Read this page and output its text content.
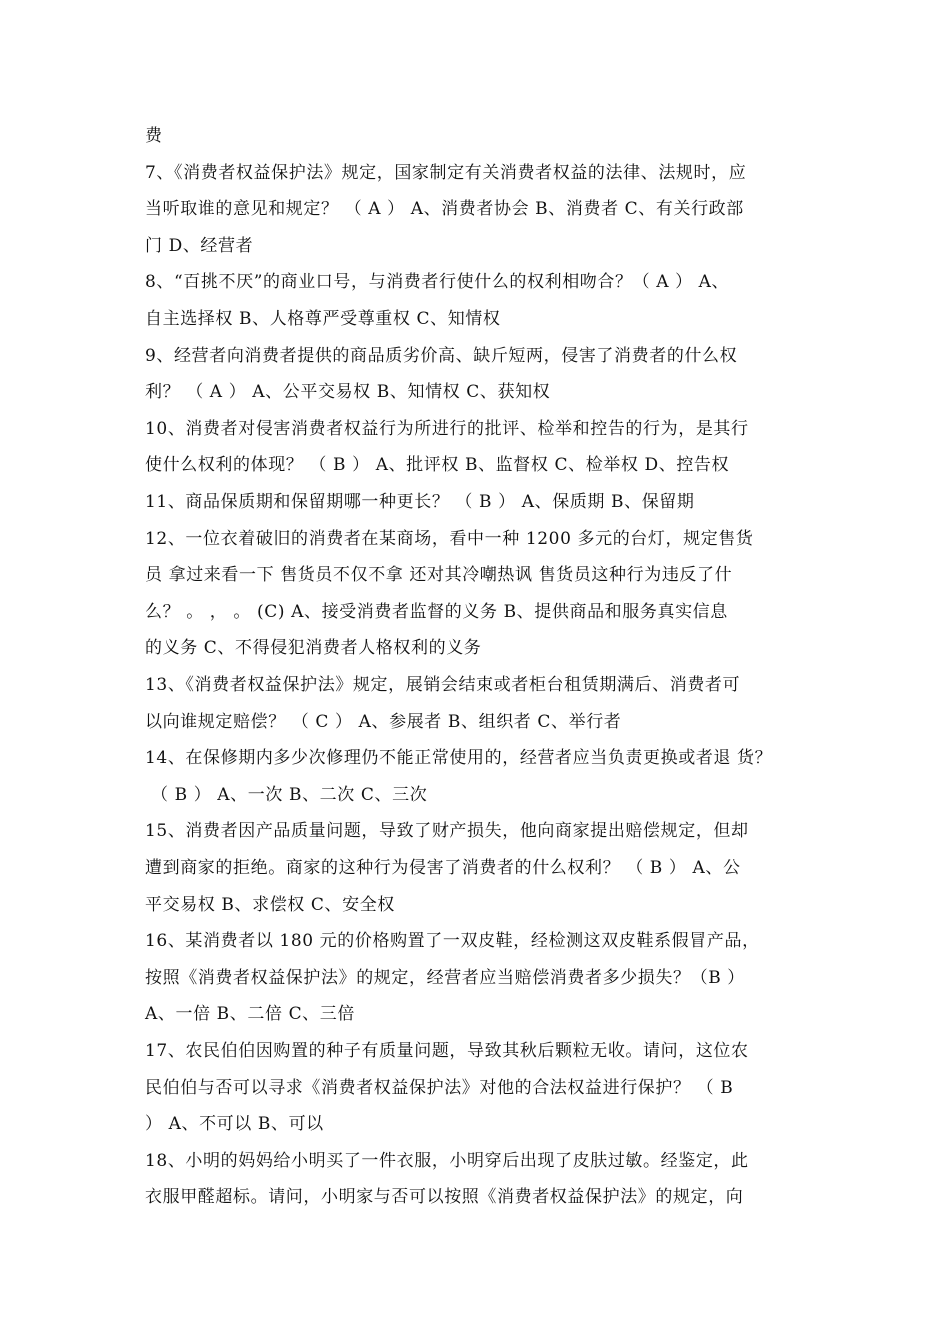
费
7、《消费者权益保护法》规定，国家制定有关消费者权益的法律、法规时，应
当听取谁的意见和规定？ （ A ） A、消费者协会 B、消费者 C、有关行政部
门 D、经营者
8、“百挑不厌”的商业口号，与消费者行使什么的权利相吻合？（ A ） A、
自主选择权 B、人格尊严受尊重权 C、知情权
9、经营者向消费者提供的商品质劣价高、缺斤短两，侵害了消费者的什么权
利？ （ A ） A、公平交易权 B、知情权 C、获知权
10、消费者对侵害消费者权益行为所进行的批评、检举和控告的行为，是其行
使什么权利的体现？ （ B ） A、批评权 B、监督权 C、检举权 D、控告权
11、商品保质期和保留期哪一种更长？ （ B ） A、保质期 B、保留期
12、一位衣着破旧的消费者在某商场，看中一种 1200 多元的台灯，规定售货
员 拿过来看一下 售货员不仅不拿 还对其冷嘲热讽 售货员这种行为违反了什
么？ 。 ， 。 (C) A、接受消费者监督的义务 B、提供商品和服务真实信息
的义务 C、不得侵犯消费者人格权利的义务
13、《消费者权益保护法》规定，展销会结束或者柜台租赁期满后、消费者可
以向谁规定赔偿？ （ C ） A、参展者 B、组织者 C、举行者
14、在保修期内多少次修理仍不能正常使用的，经营者应当负责更换或者退 货？
（ B ） A、一次 B、二次 C、三次
15、消费者因产品质量问题，导致了财产损失，他向商家提出赔偿规定，但却
遭到商家的拒绝。商家的这种行为侵害了消费者的什么权利？ （ B ） A、公
平交易权 B、求偿权 C、安全权
16、某消费者以 180 元的价格购置了一双皮鞋，经检测这双皮鞋系假冒产品，
按照《消费者权益保护法》的规定，经营者应当赔偿消费者多少损失？（B ）
A、一倍 B、二倍 C、三倍
17、农民伯伯因购置的种子有质量问题，导致其秋后颗粒无收。请问，这位农
民伯伯与否可以寻求《消费者权益保护法》对他的合法权益进行保护？ （ B
） A、不可以 B、可以
18、小明的妈妈给小明买了一件衣服，小明穿后出现了皮肤过敏。经鉴定，此
衣服甲醛超标。请问，小明家与否可以按照《消费者权益保护法》的规定，向
